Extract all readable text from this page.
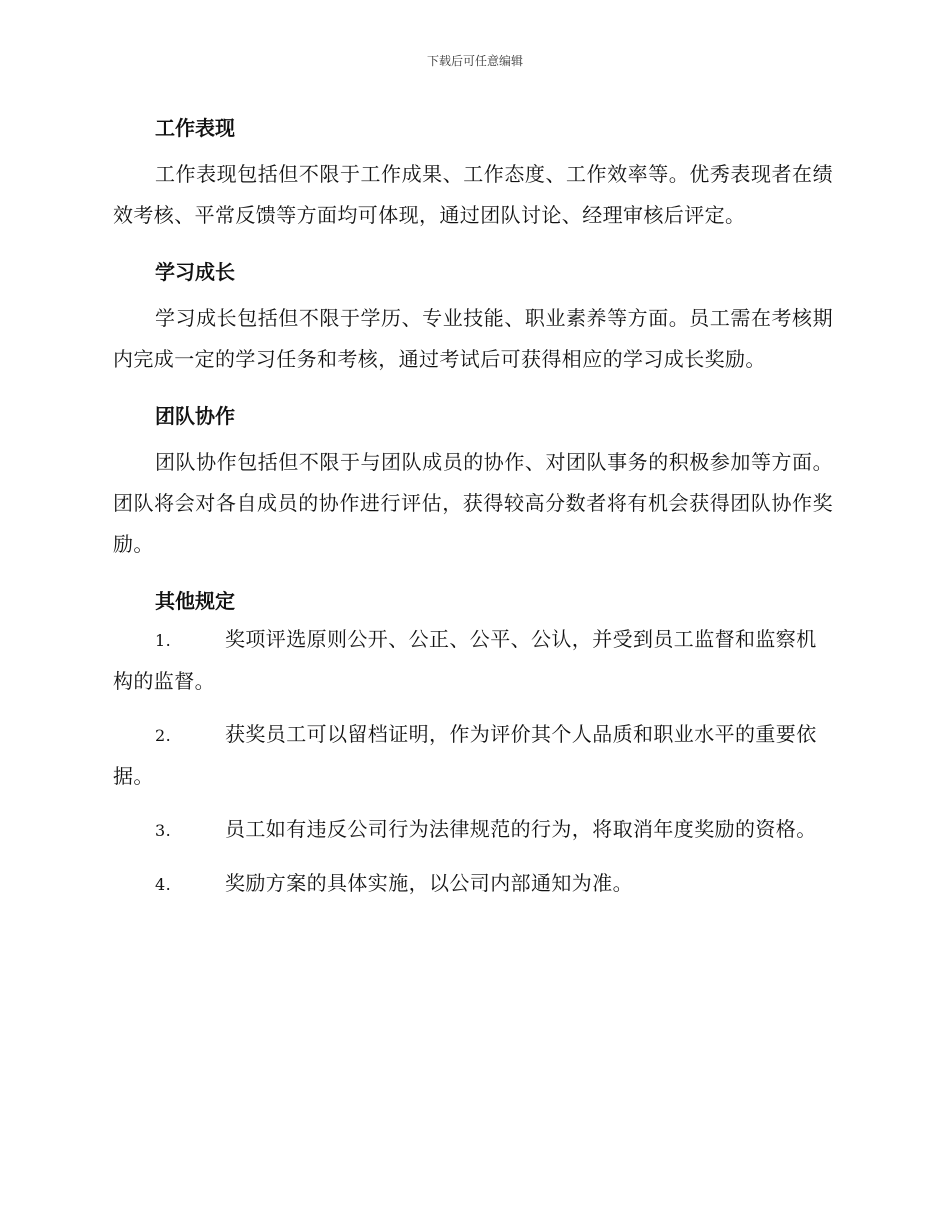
下载后可任意编辑
工作表现

工作表现包括但不限于工作成果、工作态度、工作效率等。优秀表现者在绩效考核、平常反馈等方面均可体现，通过团队讨论、经理审核后评定。

学习成长

学习成长包括但不限于学历、专业技能、职业素养等方面。员工需在考核期内完成一定的学习任务和考核，通过考试后可获得相应的学习成长奖励。

团队协作

团队协作包括但不限于与团队成员的协作、对团队事务的积极参加等方面。团队将会对各自成员的协作进行评估，获得较高分数者将有机会获得团队协作奖励。

其他规定
1.	奖项评选原则公开、公正、公平、公认，并受到员工监督和监察机构的监督。
2.	获奖员工可以留档证明，作为评价其个人品质和职业水平的重要依据。
3.	员工如有违反公司行为法律规范的行为，将取消年度奖励的资格。
4.	奖励方案的具体实施，以公司内部通知为准。
